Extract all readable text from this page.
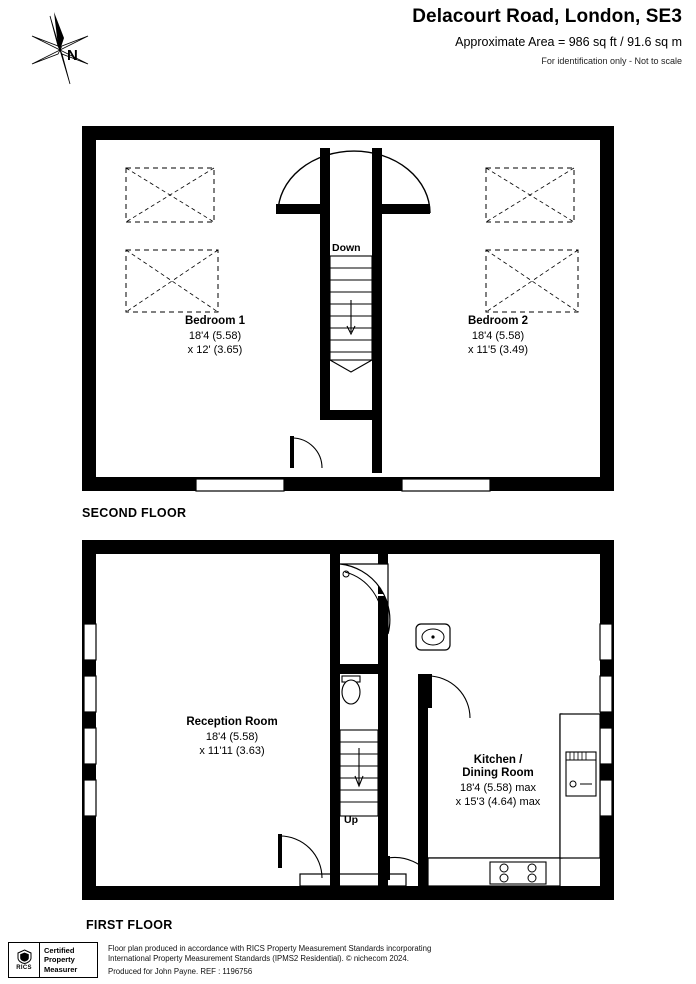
N
Delacourt Road, London, SE3
Approximate Area = 986 sq ft / 91.6 sq m
For identification only - Not to scale
Bedroom 1
18'4 (5.58)
x 12' (3.65)
Bedroom 2
18'4 (5.58)
x 11'5 (3.49)
Down
SECOND FLOOR
Reception Room
18'4 (5.58)
x 11'11 (3.63)
Kitchen /
Dining Room
18'4 (5.58) max
x 15'3 (4.64) max
Up
FIRST FLOOR
RICS
Certified
Property
Measurer
Floor plan produced in accordance with RICS Property Measurement Standards incorporating
International Property Measurement Standards (IPMS2 Residential). © nichecom 2024.
Produced for John Payne. REF : 1196756
